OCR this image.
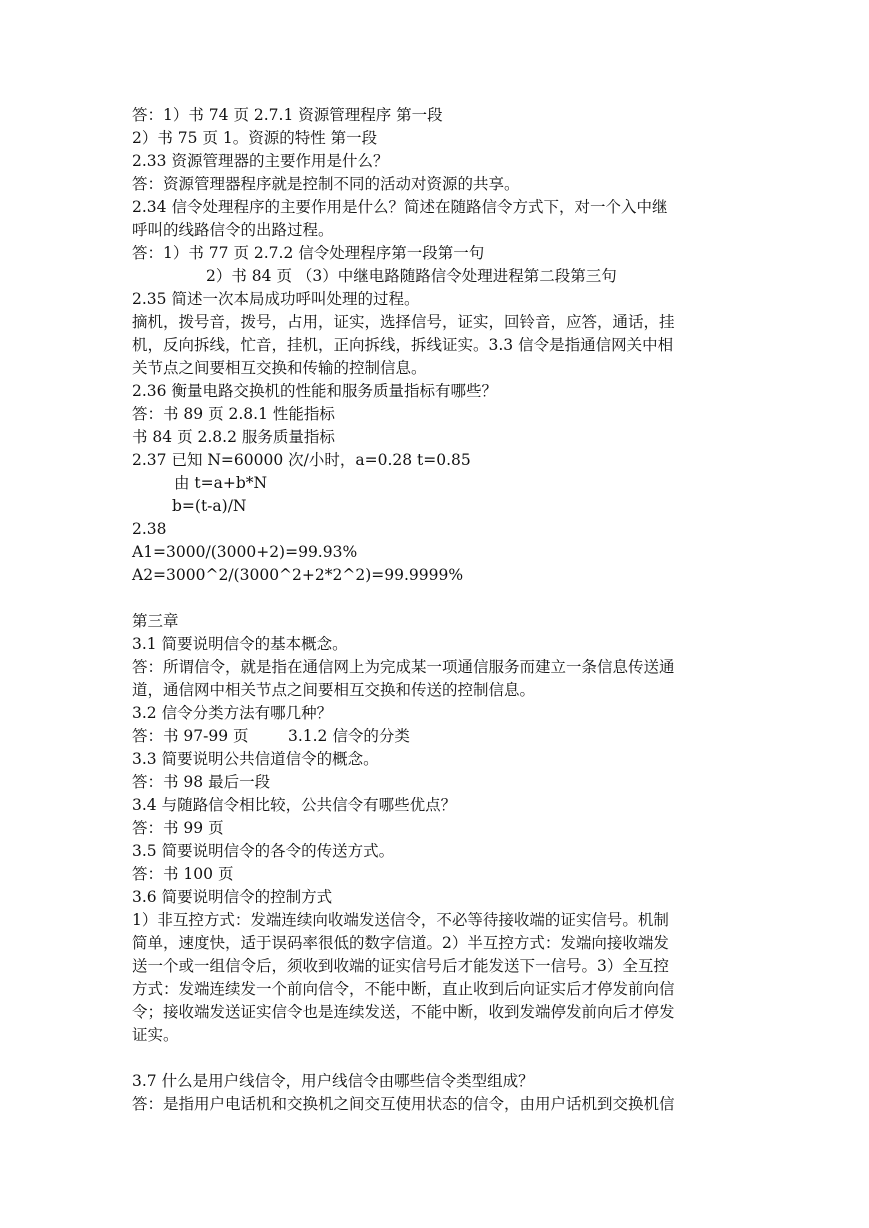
答：1）书 74 页 2.7.1 资源管理程序 第一段
2）书 75 页 1。资源的特性 第一段
2.33 资源管理器的主要作用是什么？
答：资源管理器程序就是控制不同的活动对资源的共享。
2.34 信令处理程序的主要作用是什么？简述在随路信令方式下，对一个入中继
呼叫的线路信令的出路过程。
答：1）书 77 页 2.7.2 信令处理程序第一段第一句
2）书 84 页 （3）中继电路随路信令处理进程第二段第三句
2.35 简述一次本局成功呼叫处理的过程。
摘机，拨号音，拨号，占用，证实，选择信号，证实，回铃音，应答，通话，挂
机，反向拆线，忙音，挂机，正向拆线，拆线证实。3.3 信令是指通信网关中相
关节点之间要相互交换和传输的控制信息。
2.36 衡量电路交换机的性能和服务质量指标有哪些？
答：书 89 页 2.8.1 性能指标
书 84 页 2.8.2 服务质量指标
2.37 已知 N=60000 次/小时，a=0.28 t=0.85
由 t=a+b*N
b=(t-a)/N
2.38
A1=3000/(3000+2)=99.93%
A2=3000^2/(3000^2+2*2^2)=99.9999%
第三章
3.1 简要说明信令的基本概念。
答：所谓信令，就是指在通信网上为完成某一项通信服务而建立一条信息传送通
道，通信网中相关节点之间要相互交换和传送的控制信息。
3.2 信令分类方法有哪几种？
答：书 97-99 页        3.1.2 信令的分类
3.3 简要说明公共信道信令的概念。
答：书 98 最后一段
3.4 与随路信令相比较，公共信令有哪些优点？
答：书 99 页
3.5 简要说明信令的各令的传送方式。
答：书 100 页
3.6 简要说明信令的控制方式
1）非互控方式：发端连续向收端发送信令，不必等待接收端的证实信号。机制
简单，速度快，适于误码率很低的数字信道。2）半互控方式：发端向接收端发
送一个或一组信令后，须收到收端的证实信号后才能发送下一信号。3）全互控
方式：发端连续发一个前向信令，不能中断，直止收到后向证实后才停发前向信
令；接收端发送证实信令也是连续发送，不能中断，收到发端停发前向后才停发
证实。
3.7 什么是用户线信令，用户线信令由哪些信令类型组成？
答：是指用户电话机和交换机之间交互使用状态的信令，由用户话机到交换机信
